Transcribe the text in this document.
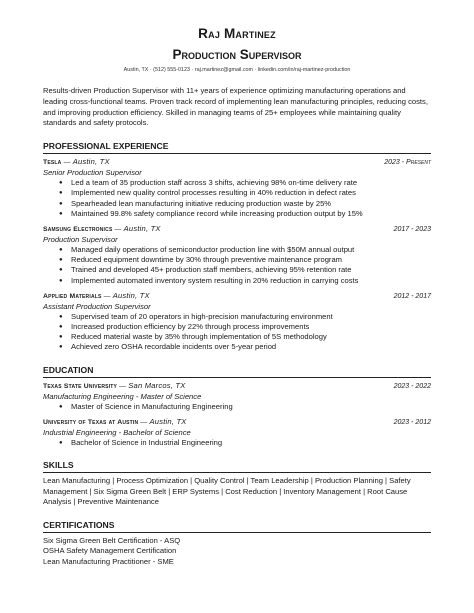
Raj Martinez
Production Supervisor
Austin, TX · (512) 555-0123 · raj.martinez@gmail.com · linkedin.com/in/raj-martinez-production
Results-driven Production Supervisor with 11+ years of experience optimizing manufacturing operations and leading cross-functional teams. Proven track record of implementing lean manufacturing principles, reducing costs, and improving production efficiency. Skilled in managing teams of 25+ employees while maintaining quality standards and safety protocols.
PROFESSIONAL EXPERIENCE
Tesla — Austin, TX	2023 - Present
Senior Production Supervisor
● Led a team of 35 production staff across 3 shifts, achieving 98% on-time delivery rate
● Implemented new quality control processes resulting in 40% reduction in defect rates
● Spearheaded lean manufacturing initiative reducing production waste by 25%
● Maintained 99.8% safety compliance record while increasing production output by 15%
Samsung Electronics — Austin, TX	2017 - 2023
Production Supervisor
● Managed daily operations of semiconductor production line with $50M annual output
● Reduced equipment downtime by 30% through preventive maintenance program
● Trained and developed 45+ production staff members, achieving 95% retention rate
● Implemented automated inventory system resulting in 20% reduction in carrying costs
Applied Materials — Austin, TX	2012 - 2017
Assistant Production Supervisor
● Supervised team of 20 operators in high-precision manufacturing environment
● Increased production efficiency by 22% through process improvements
● Reduced material waste by 35% through implementation of 5S methodology
● Achieved zero OSHA recordable incidents over 5-year period
EDUCATION
Texas State University — San Marcos, TX	2023 - 2022
Manufacturing Engineering - Master of Science
● Master of Science in Manufacturing Engineering
University of Texas at Austin — Austin, TX	2023 - 2012
Industrial Engineering - Bachelor of Science
● Bachelor of Science in Industrial Engineering
SKILLS
Lean Manufacturing | Process Optimization | Quality Control | Team Leadership | Production Planning | Safety Management | Six Sigma Green Belt | ERP Systems | Cost Reduction | Inventory Management | Root Cause Analysis | Preventive Maintenance
CERTIFICATIONS
Six Sigma Green Belt Certification - ASQ
OSHA Safety Management Certification
Lean Manufacturing Practitioner - SME
